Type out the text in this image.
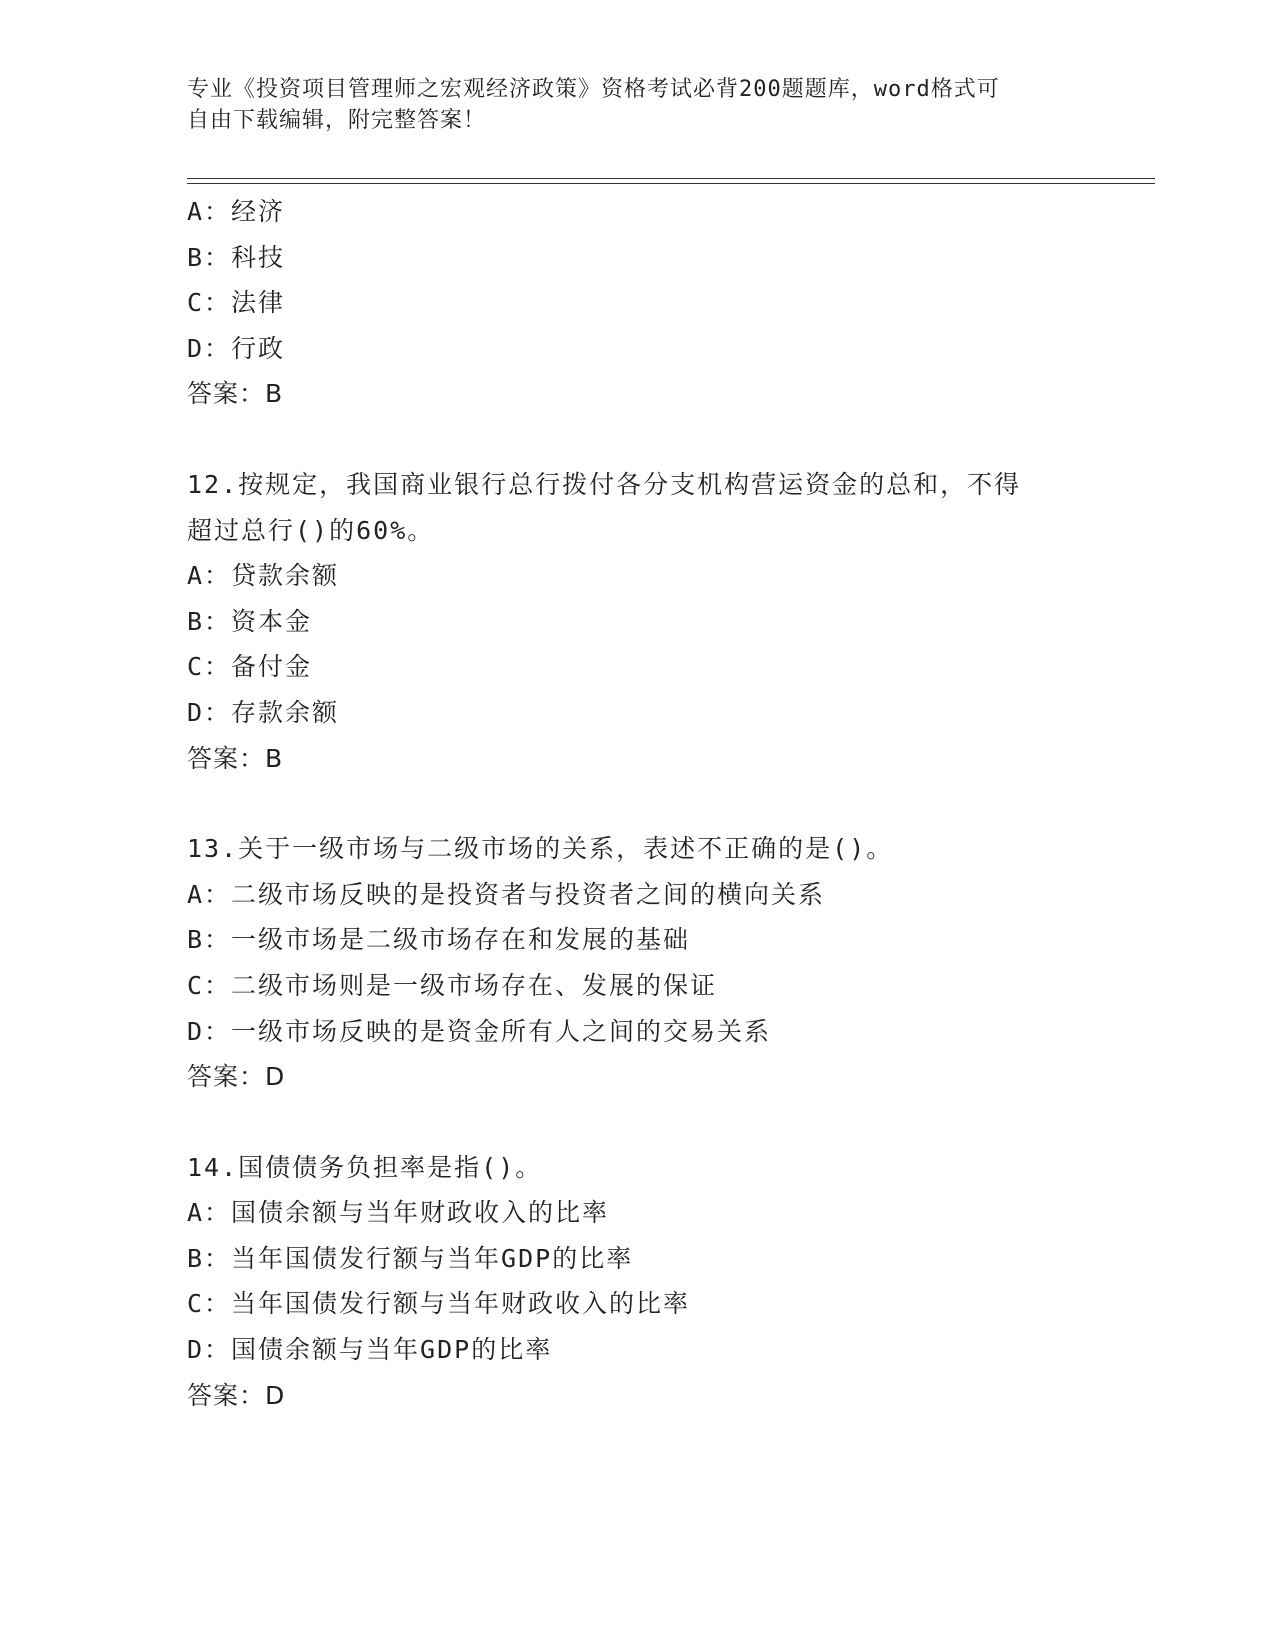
专业《投资项目管理师之宏观经济政策》资格考试必背200题题库，word格式可
自由下载编辑，附完整答案！
A：经济
B：科技
C：法律
D：行政
答案：B
12.按规定，我国商业银行总行拨付各分支机构营运资金的总和，不得
超过总行()的60%。
A：贷款余额
B：资本金
C：备付金
D：存款余额
答案：B
13.关于一级市场与二级市场的关系，表述不正确的是()。
A：二级市场反映的是投资者与投资者之间的横向关系
B：一级市场是二级市场存在和发展的基础
C：二级市场则是一级市场存在、发展的保证
D：一级市场反映的是资金所有人之间的交易关系
答案：D
14.国债债务负担率是指()。
A：国债余额与当年财政收入的比率
B：当年国债发行额与当年GDP的比率
C：当年国债发行额与当年财政收入的比率
D：国债余额与当年GDP的比率
答案：D
